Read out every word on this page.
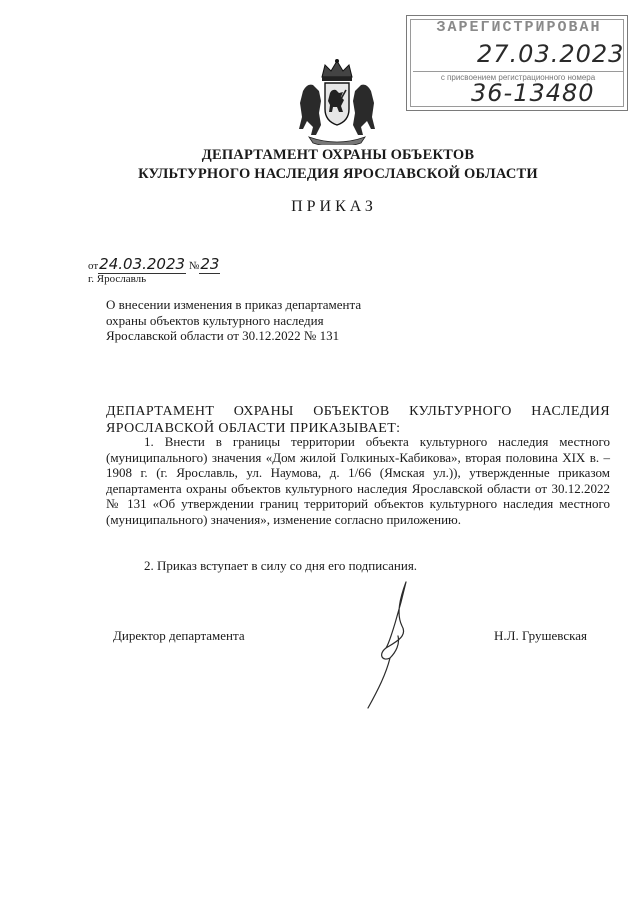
ЗАРЕГИСТРИРОВАН
27.03.2023
с присвоением регистрационного номера
36-13480
ДЕПАРТАМЕНТ ОХРАНЫ ОБЪЕКТОВ
КУЛЬТУРНОГО НАСЛЕДИЯ ЯРОСЛАВСКОЙ ОБЛАСТИ
ПРИКАЗ
от24.03.2023 №23
г. Ярославль
О внесении изменения в приказ департамента охраны объектов культурного наследия Ярославской области от 30.12.2022 № 131
ДЕПАРТАМЕНТ ОХРАНЫ ОБЪЕКТОВ КУЛЬТУРНОГО НАСЛЕДИЯ ЯРОСЛАВСКОЙ ОБЛАСТИ ПРИКАЗЫВАЕТ:
1. Внести в границы территории объекта культурного наследия местного (муниципального) значения «Дом жилой Голкиных-Кабикова», вторая половина XIX в. – 1908 г. (г. Ярославль, ул. Наумова, д. 1/66 (Ямская ул.)), утвержденные приказом департамента охраны объектов культурного наследия Ярославской области от 30.12.2022 № 131 «Об утверждении границ территорий объектов культурного наследия местного (муниципального) значения», изменение согласно приложению.
2. Приказ вступает в силу со дня его подписания.
Директор департамента	Н.Л. Грушевская
